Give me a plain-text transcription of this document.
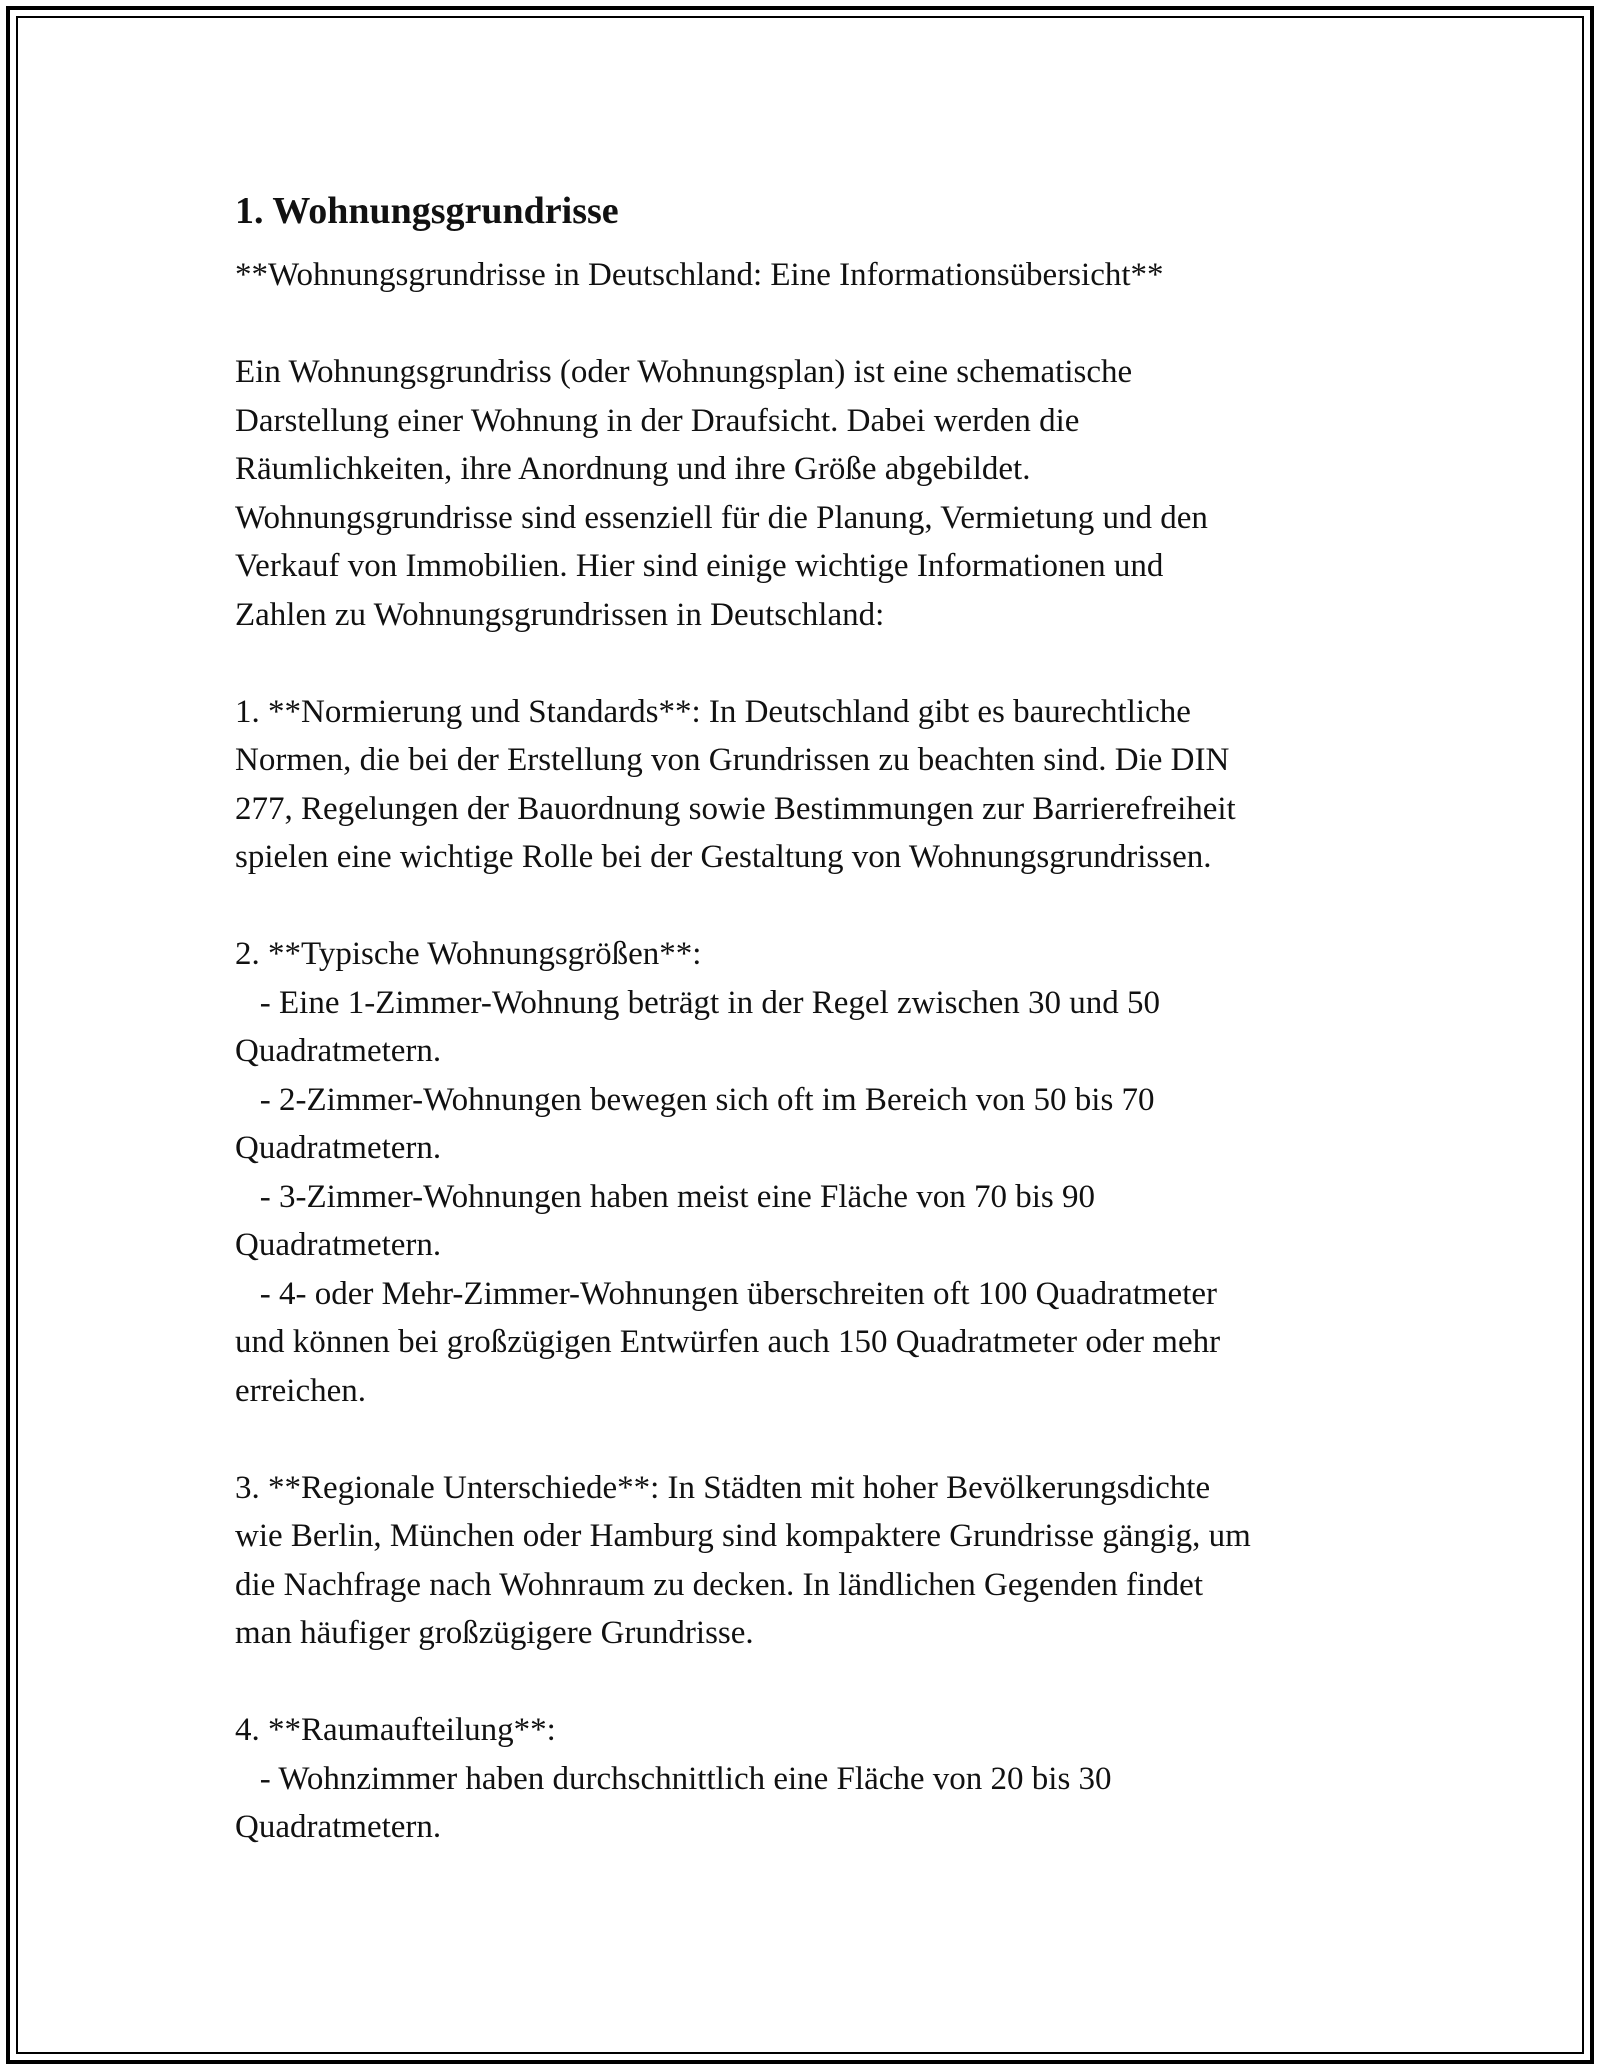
1. Wohnungsgrundrisse

**Wohnungsgrundrisse in Deutschland: Eine Informationsübersicht**

Ein Wohnungsgrundriss (oder Wohnungsplan) ist eine schematische

Darstellung einer Wohnung in der Draufsicht. Dabei werden die

Räumlichkeiten, ihre Anordnung und ihre Größe abgebildet.

Wohnungsgrundrisse sind essenziell für die Planung, Vermietung und den

Verkauf von Immobilien. Hier sind einige wichtige Informationen und

Zahlen zu Wohnungsgrundrissen in Deutschland:

1. **Normierung und Standards**: In Deutschland gibt es baurechtliche

Normen, die bei der Erstellung von Grundrissen zu beachten sind. Die DIN

277, Regelungen der Bauordnung sowie Bestimmungen zur Barrierefreiheit

spielen eine wichtige Rolle bei der Gestaltung von Wohnungsgrundrissen.

2. **Typische Wohnungsgrößen**:

- Eine 1-Zimmer-Wohnung beträgt in der Regel zwischen 30 und 50

Quadratmetern.

- 2-Zimmer-Wohnungen bewegen sich oft im Bereich von 50 bis 70

Quadratmetern.

- 3-Zimmer-Wohnungen haben meist eine Fläche von 70 bis 90

Quadratmetern.

- 4- oder Mehr-Zimmer-Wohnungen überschreiten oft 100 Quadratmeter

und können bei großzügigen Entwürfen auch 150 Quadratmeter oder mehr

erreichen.

3. **Regionale Unterschiede**: In Städten mit hoher Bevölkerungsdichte

wie Berlin, München oder Hamburg sind kompaktere Grundrisse gängig, um

die Nachfrage nach Wohnraum zu decken. In ländlichen Gegenden findet

man häufiger großzügigere Grundrisse.

4. **Raumaufteilung**:

- Wohnzimmer haben durchschnittlich eine Fläche von 20 bis 30

Quadratmetern.
